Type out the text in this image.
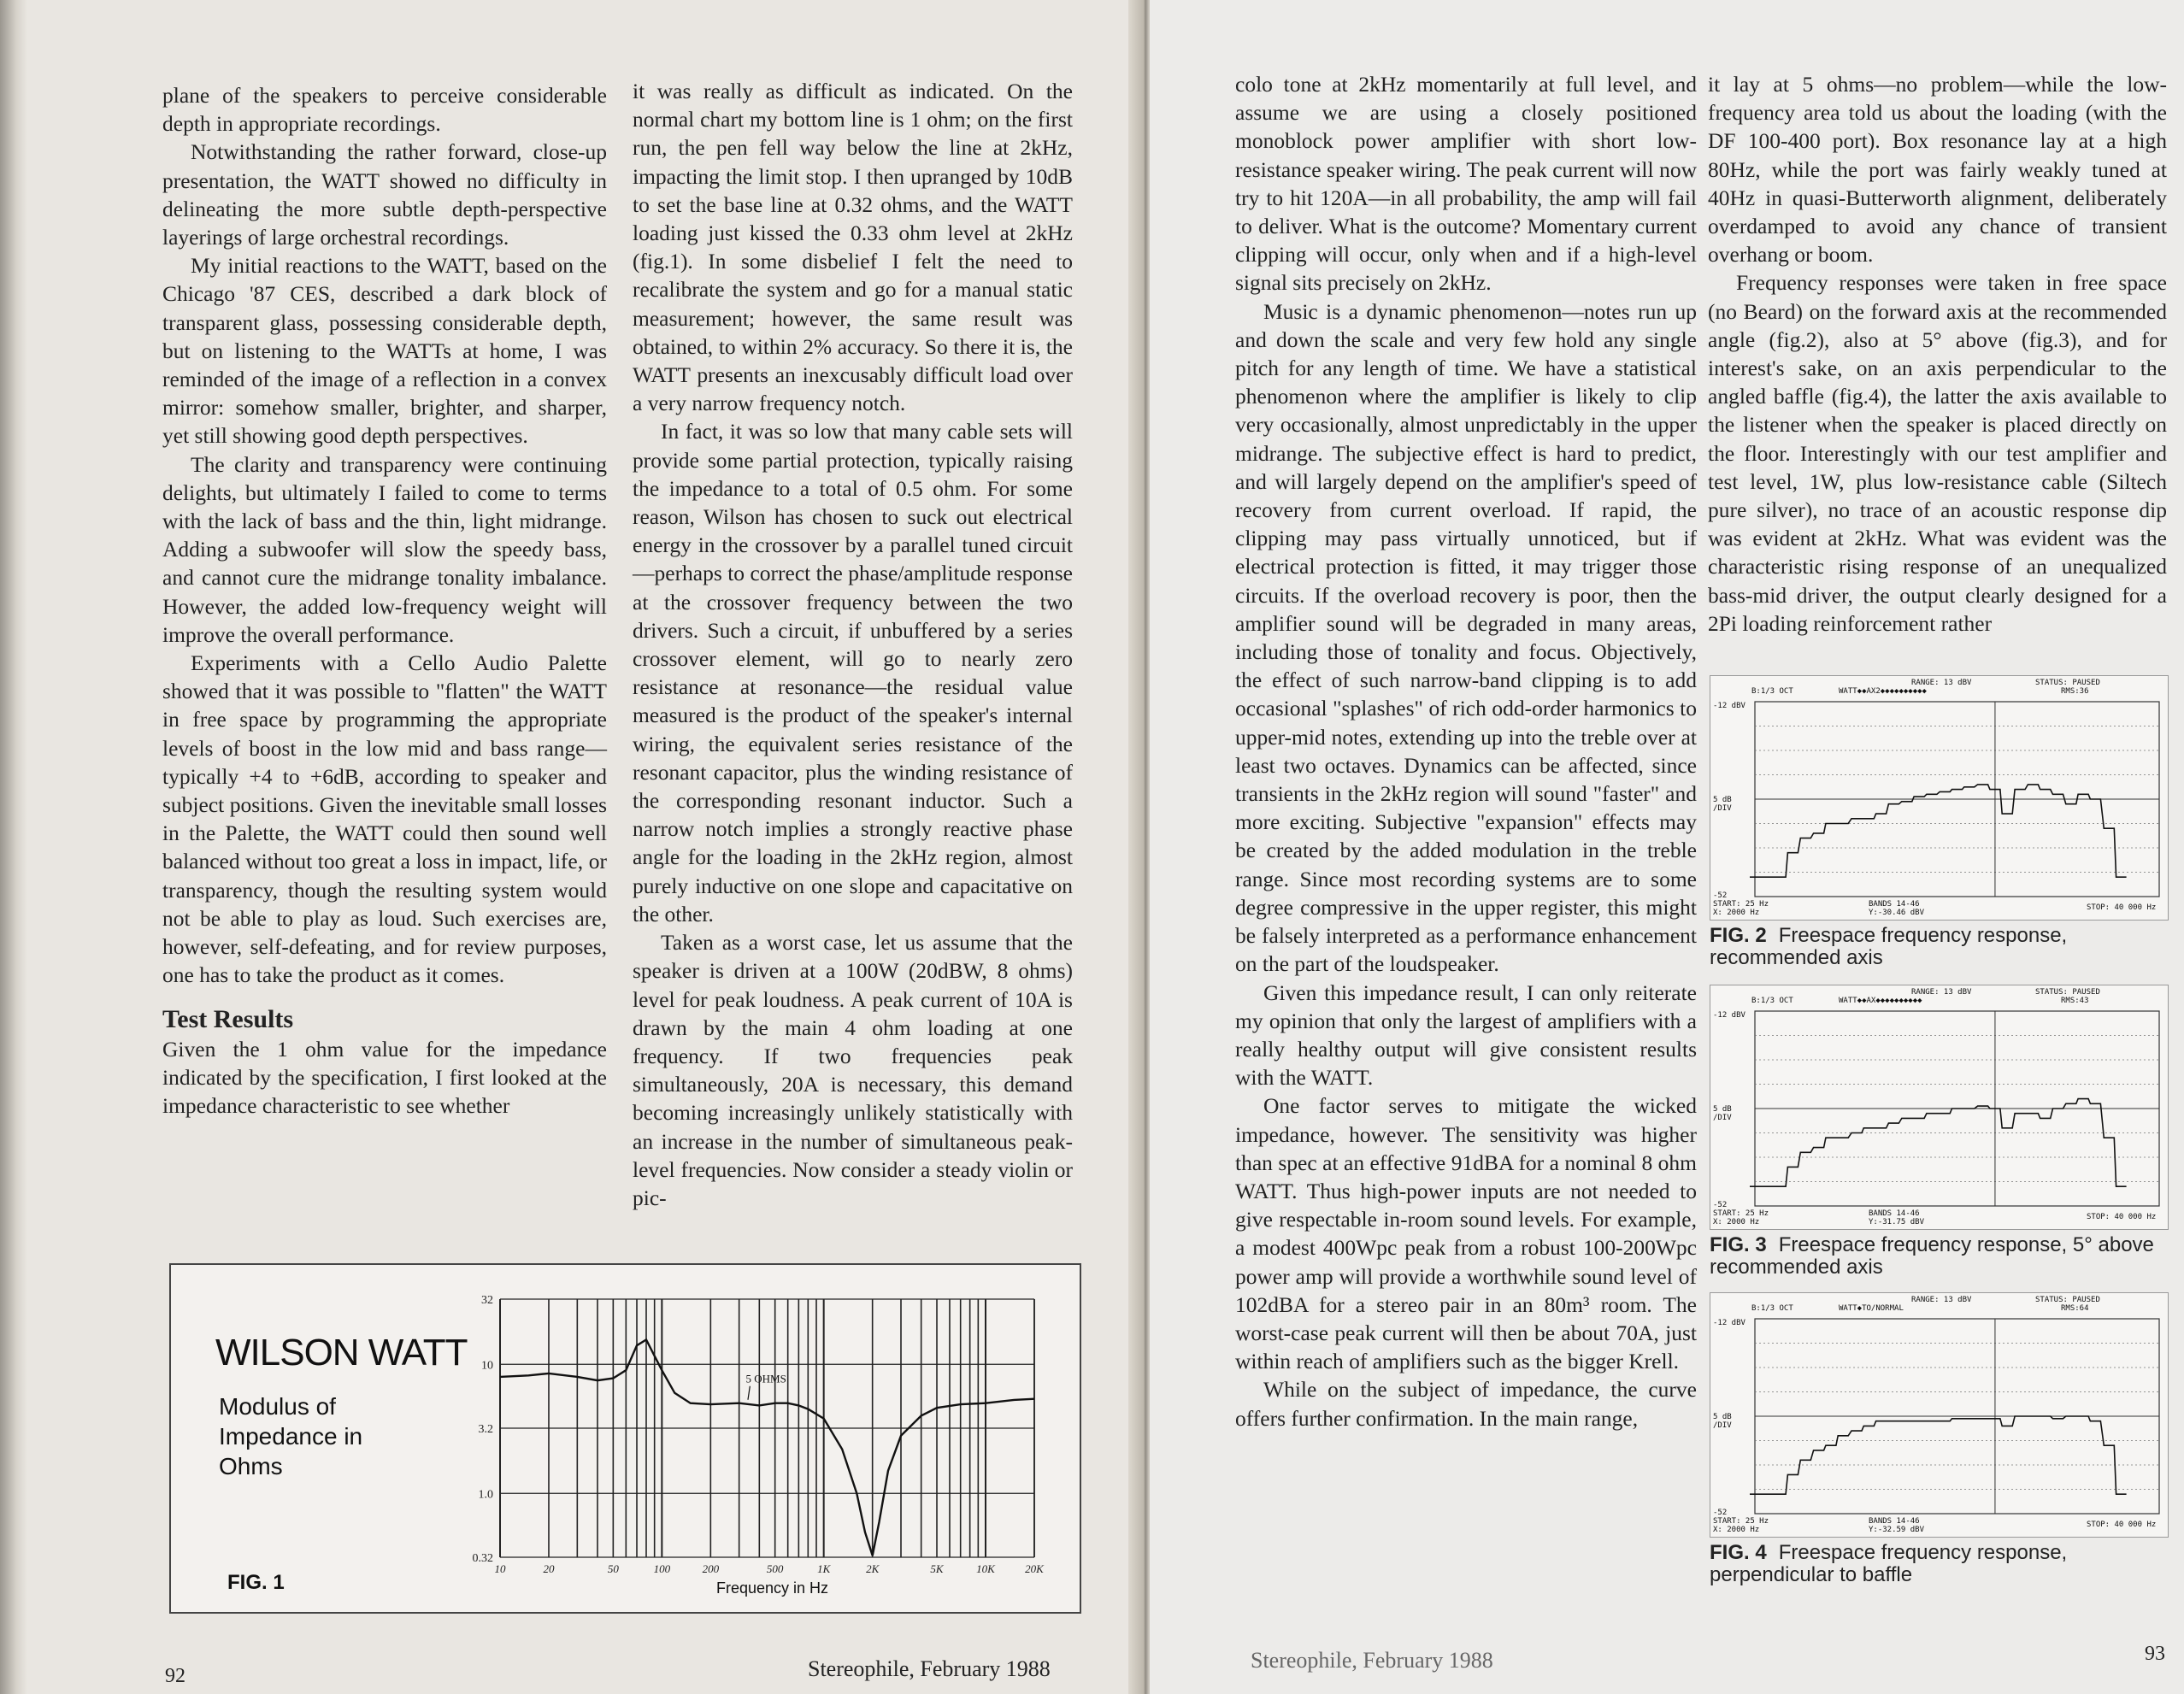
plane of the speakers to perceive considerable depth in appropriate recordings.

Notwithstanding the rather forward, close-up presentation, the WATT showed no difficulty in delineating the more subtle depth-perspective layerings of large orchestral recordings.

My initial reactions to the WATT, based on the Chicago '87 CES, described a dark block of transparent glass, possessing considerable depth, but on listening to the WATTs at home, I was reminded of the image of a reflection in a convex mirror: somehow smaller, brighter, and sharper, yet still showing good depth perspectives.

The clarity and transparency were continuing delights, but ultimately I failed to come to terms with the lack of bass and the thin, light midrange. Adding a subwoofer will slow the speedy bass, and cannot cure the midrange tonality imbalance. However, the added low-frequency weight will improve the overall performance.

Experiments with a Cello Audio Palette showed that it was possible to "flatten" the WATT in free space by programming the appropriate levels of boost in the low mid and bass range—typically +4 to +6dB, according to speaker and subject positions. Given the inevitable small losses in the Palette, the WATT could then sound well balanced without too great a loss in impact, life, or transparency, though the resulting system would not be able to play as loud. Such exercises are, however, self-defeating, and for review purposes, one has to take the product as it comes.

Test Results

Given the 1 ohm value for the impedance indicated by the specification, I first looked at the impedance characteristic to see whether

it was really as difficult as indicated. On the normal chart my bottom line is 1 ohm; on the first run, the pen fell way below the line at 2kHz, impacting the limit stop. I then upranged by 10dB to set the base line at 0.32 ohms, and the WATT loading just kissed the 0.33 ohm level at 2kHz (fig.1). In some disbelief I felt the need to recalibrate the system and go for a manual static measurement; however, the same result was obtained, to within 2% accuracy. So there it is, the WATT presents an inexcusably difficult load over a very narrow frequency notch.

In fact, it was so low that many cable sets will provide some partial protection, typically raising the impedance to a total of 0.5 ohm. For some reason, Wilson has chosen to suck out electrical energy in the crossover by a parallel tuned circuit—perhaps to correct the phase/amplitude response at the crossover frequency between the two drivers. Such a circuit, if unbuffered by a series crossover element, will go to nearly zero resistance at resonance—the residual value measured is the product of the speaker's internal wiring, the equivalent series resistance of the resonant capacitor, plus the winding resistance of the corresponding resonant inductor. Such a narrow notch implies a strongly reactive phase angle for the loading in the 2kHz region, almost purely inductive on one slope and capacitative on the other.

Taken as a worst case, let us assume that the speaker is driven at a 100W (20dBW, 8 ohms) level for peak loudness. A peak current of 10A is drawn by the main 4 ohm loading at one frequency. If two frequencies peak simultaneously, 20A is necessary, this demand becoming increasingly unlikely statistically with an increase in the number of simultaneous peak-level frequencies. Now consider a steady violin or pic-

32
10
3.2
1.0
0.32
10	20	50	100	200	500	1K	2K	5K	10K	20K
5 OHMS
WILSON WATT
Modulus of Impedance in Ohms
FIG. 1	Frequency in Hz
92	Stereophile, February 1988

colo tone at 2kHz momentarily at full level, and assume we are using a closely positioned monoblock power amplifier with short low-resistance speaker wiring. The peak current will now try to hit 120A—in all probability, the amp will fail to deliver. What is the outcome? Momentary current clipping will occur, only when and if a high-level signal sits precisely on 2kHz.

Music is a dynamic phenomenon—notes run up and down the scale and very few hold any single pitch for any length of time. We have a statistical phenomenon where the amplifier is likely to clip very occasionally, almost unpredictably in the upper midrange. The subjective effect is hard to predict, and will largely depend on the amplifier's speed of recovery from current overload. If rapid, the clipping may pass virtually unnoticed, but if electrical protection is fitted, it may trigger those circuits. If the overload recovery is poor, then the amplifier sound will be degraded in many areas, including those of tonality and focus. Objectively, the effect of such narrow-band clipping is to add occasional "splashes" of rich odd-order harmonics to upper-mid notes, extending up into the treble over at least two octaves. Dynamics can be affected, since transients in the 2kHz region will sound "faster" and more exciting. Subjective "expansion" effects may be created by the added modulation in the treble range. Since most recording systems are to some degree compressive in the upper register, this might be falsely interpreted as a performance enhancement on the part of the loudspeaker.

Given this impedance result, I can only reiterate my opinion that only the largest of amplifiers with a really healthy output will give consistent results with the WATT.

One factor serves to mitigate the wicked impedance, however. The sensitivity was higher than spec at an effective 91dBA for a nominal 8 ohm WATT. Thus high-power inputs are not needed to give respectable in-room sound levels. For example, a modest 400Wpc peak from a robust 100-200Wpc power amp will provide a worthwhile sound level of 102dBA for a stereo pair in an 80m³ room. The worst-case peak current will then be about 70A, just within reach of amplifiers such as the bigger Krell.

While on the subject of impedance, the curve offers further confirmation. In the main range,

it lay at 5 ohms—no problem—while the low-frequency area told us about the loading (with the DF 100-400 port). Box resonance lay at a high 80Hz, while the port was fairly weakly tuned at 40Hz in quasi-Butterworth alignment, deliberately overdamped to avoid any chance of transient overhang or boom.

Frequency responses were taken in free space (no Beard) on the forward axis at the recommended angle (fig.2), also at 5° above (fig.3), and for interest's sake, on an axis perpendicular to the angled baffle (fig.4), the latter the axis available to the listener when the speaker is placed directly on the floor. Interestingly with our test amplifier and test level, 1W, plus low-resistance cable (Siltech pure silver), no trace of an acoustic response dip was evident at 2kHz. What was evident was the characteristic rising response of an unequalized bass-mid driver, the output clearly designed for a 2Pi loading reinforcement rather

RANGE: 13 dBV	STATUS: PAUSED
B:1/3 OCT	WATT◆◆AX2◆◆◆◆◆◆◆◆◆◆	RMS:36
-12 dBV
5 dB /DIV
-52
START: 25 Hz
X: 2000 Hz
BANDS 14-46
Y:-30.46 dBV
STOP: 40 000 Hz
FIG. 2 Freespace frequency response, recommended axis
RANGE: 13 dBV	STATUS: PAUSED
B:1/3 OCT	WATT◆◆AX◆◆◆◆◆◆◆◆◆◆	RMS:43
-12 dBV
5 dB /DIV
-52
START: 25 Hz
X: 2000 Hz
BANDS 14-46
Y:-31.75 dBV
STOP: 40 000 Hz
FIG. 3 Freespace frequency response, 5° above recommended axis
RANGE: 13 dBV	STATUS: PAUSED
B:1/3 OCT	WATT◆TO/NORMAL	RMS:64
-12 dBV
5 dB /DIV
-52
START: 25 Hz
X: 2000 Hz
BANDS 14-46
Y:-32.59 dBV
STOP: 40 000 Hz
FIG. 4 Freespace frequency response, perpendicular to baffle
Stereophile, February 1988	93
